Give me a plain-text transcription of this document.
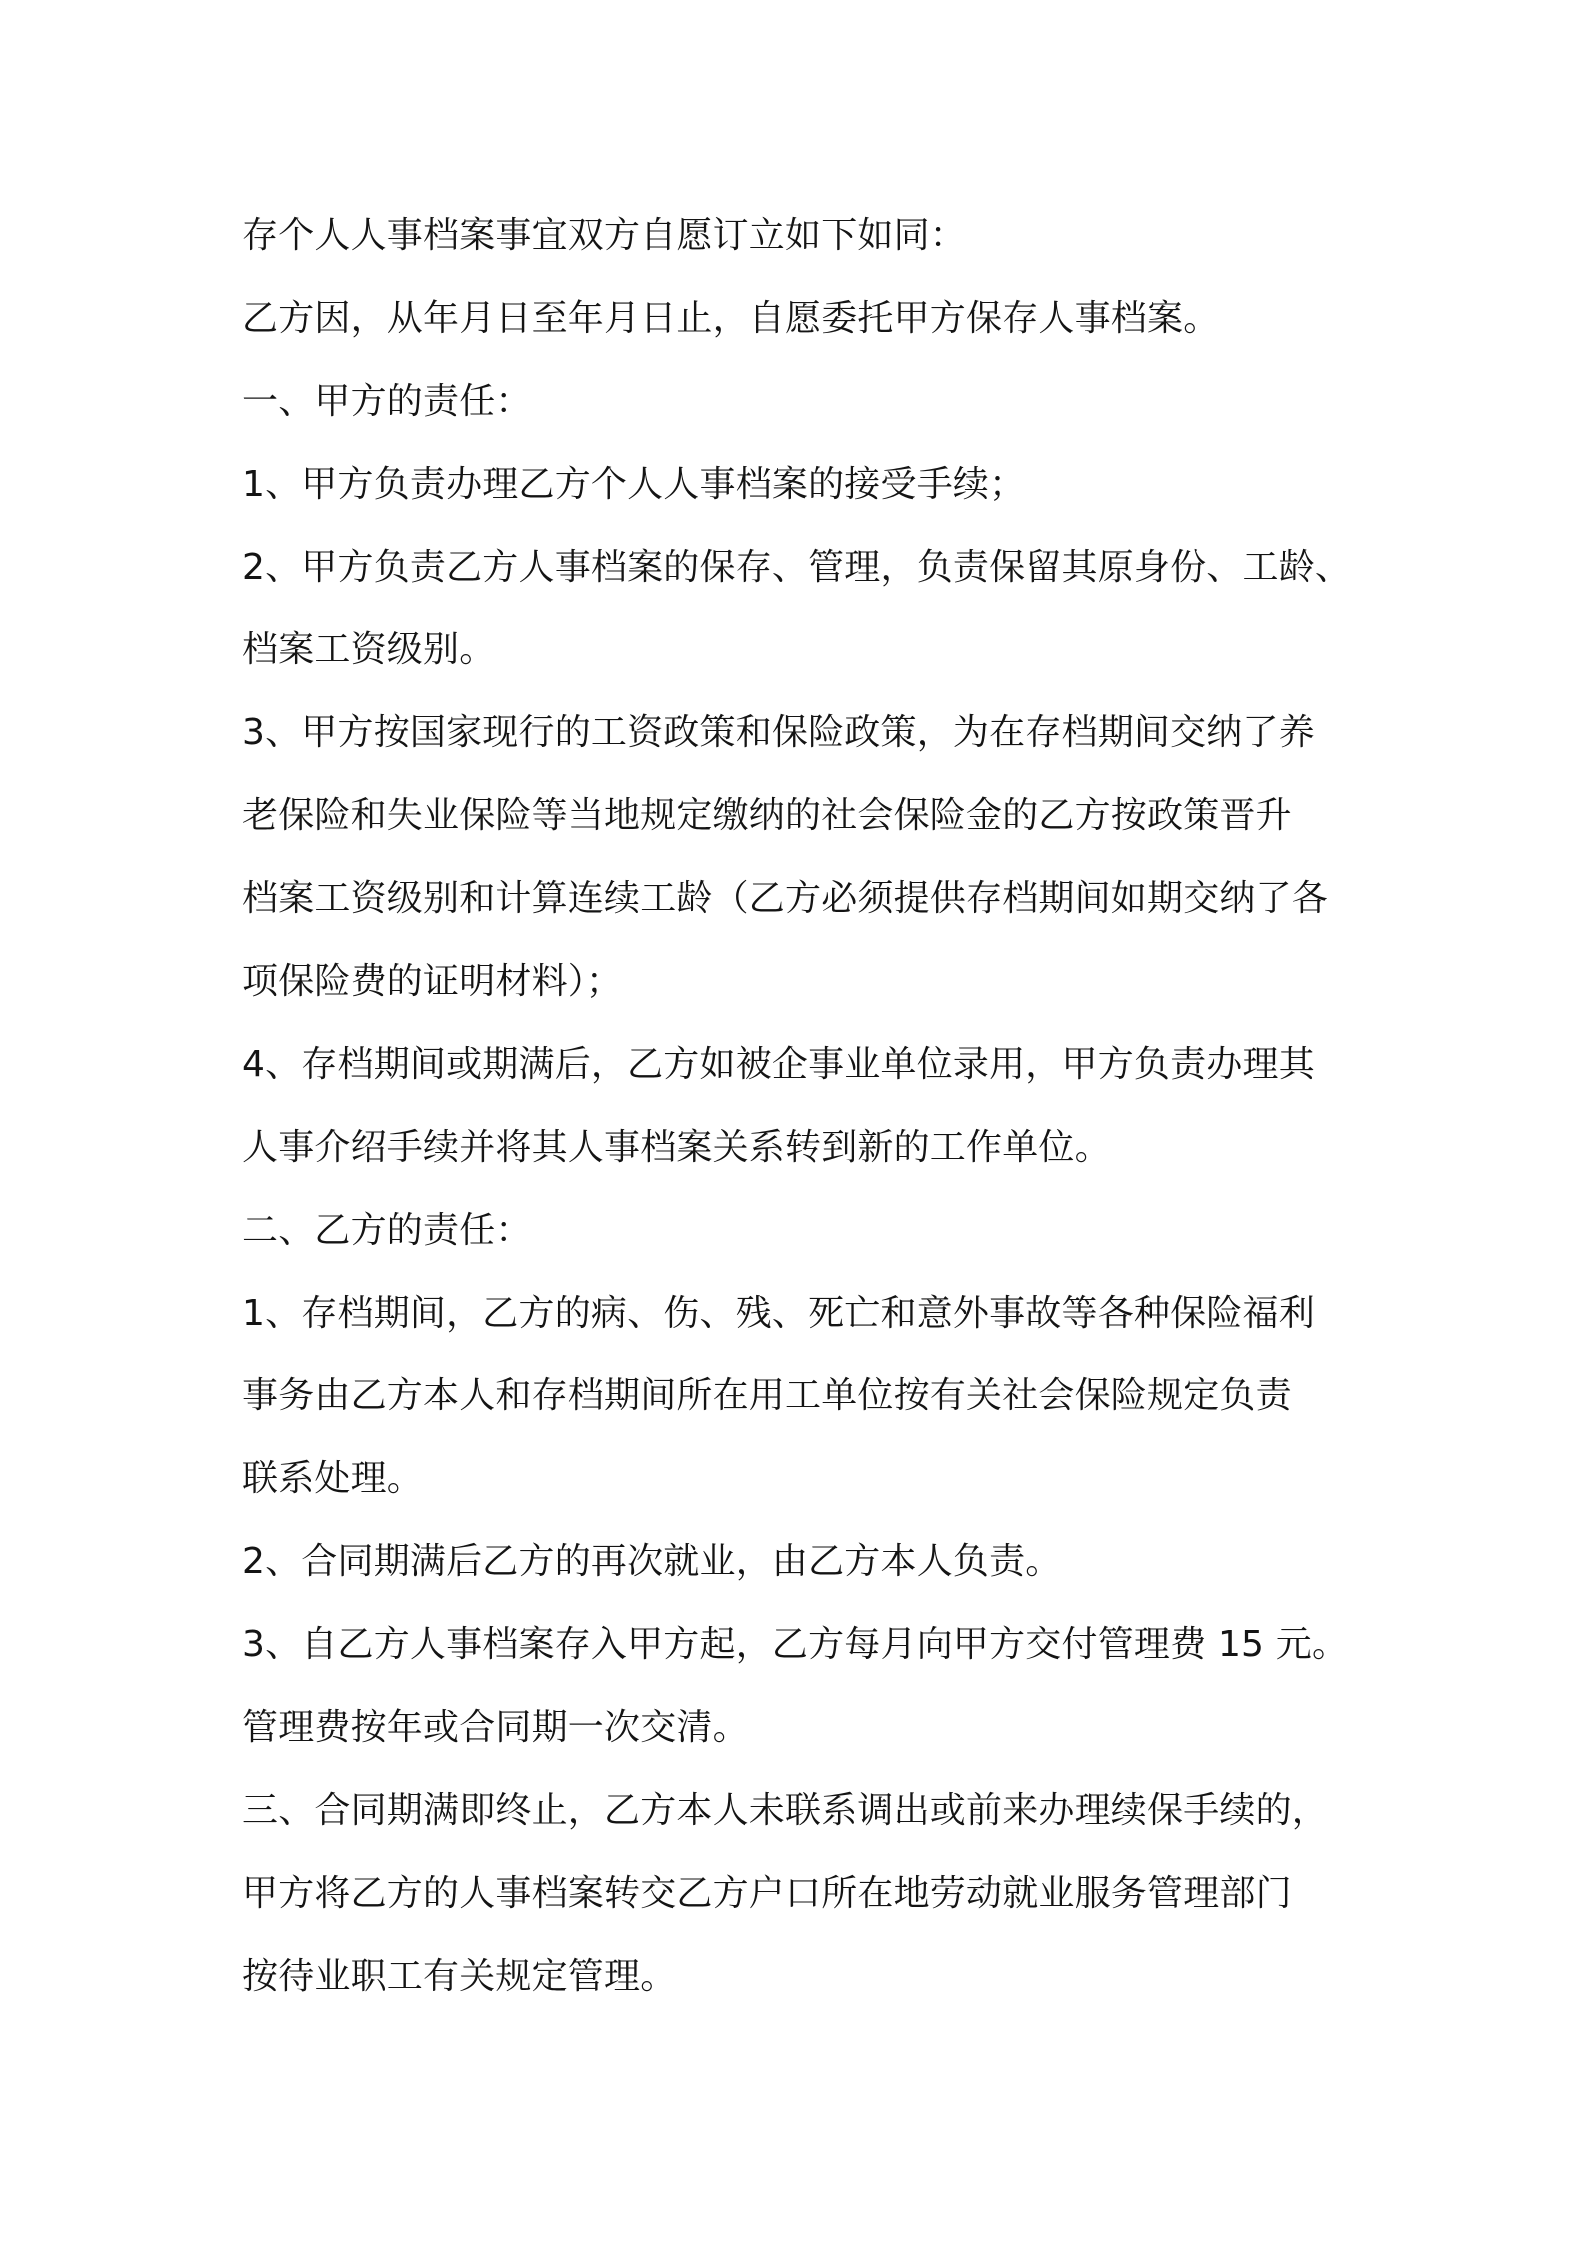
存个人人事档案事宜双方自愿订立如下如同：
乙方因，从年月日至年月日止，自愿委托甲方保存人事档案。
一、甲方的责任：
1、甲方负责办理乙方个人人事档案的接受手续；
2、甲方负责乙方人事档案的保存、管理，负责保留其原身份、工龄、
档案工资级别。
3、甲方按国家现行的工资政策和保险政策，为在存档期间交纳了养
老保险和失业保险等当地规定缴纳的社会保险金的乙方按政策晋升
档案工资级别和计算连续工龄（乙方必须提供存档期间如期交纳了各
项保险费的证明材料）；
4、存档期间或期满后，乙方如被企事业单位录用，甲方负责办理其
人事介绍手续并将其人事档案关系转到新的工作单位。
二、乙方的责任：
1、存档期间，乙方的病、伤、残、死亡和意外事故等各种保险福利
事务由乙方本人和存档期间所在用工单位按有关社会保险规定负责
联系处理。
2、合同期满后乙方的再次就业，由乙方本人负责。
3、自乙方人事档案存入甲方起，乙方每月向甲方交付管理费 15 元。
管理费按年或合同期一次交清。
三、合同期满即终止，乙方本人未联系调出或前来办理续保手续的，
甲方将乙方的人事档案转交乙方户口所在地劳动就业服务管理部门
按待业职工有关规定管理。
